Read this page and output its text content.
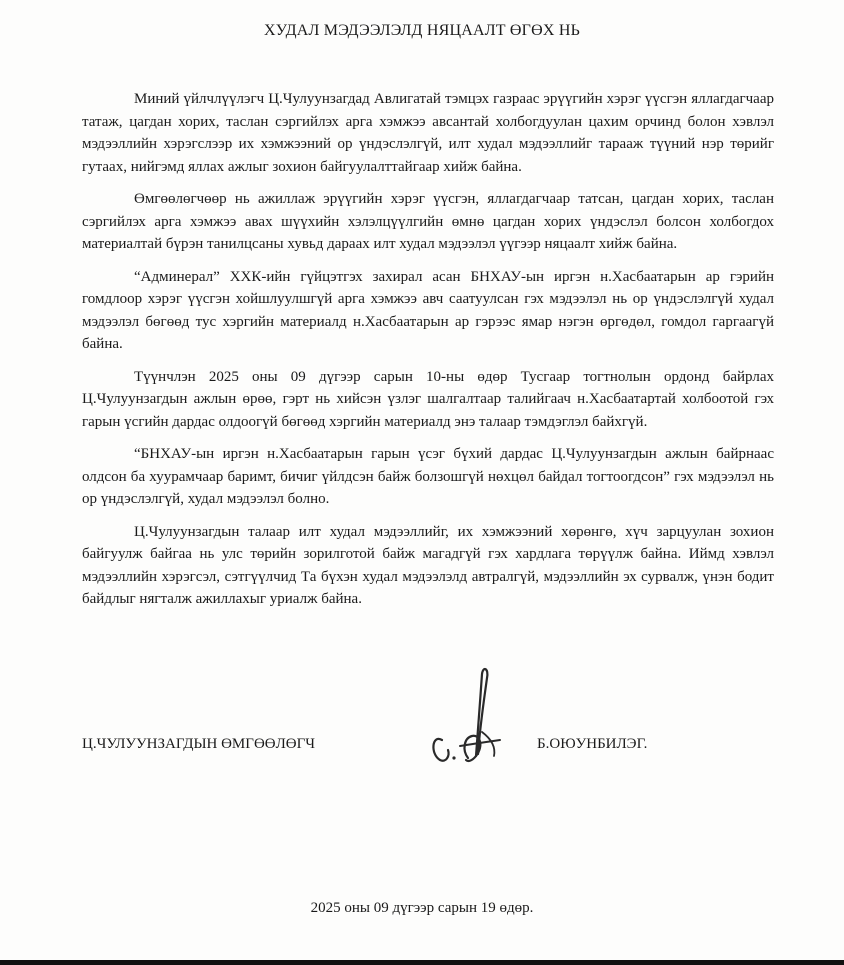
ХУДАЛ МЭДЭЭЛЭЛД НЯЦААЛТ ӨГӨХ НЬ

Миний үйлчлүүлэгч Ц.Чулуунзагдад Авлигатай тэмцэх газраас эрүүгийн хэрэг үүсгэн яллагдагчаар татаж, цагдан хорих, таслан сэргийлэх арга хэмжээ авсантай холбогдуулан цахим орчинд болон хэвлэл мэдээллийн хэрэгслээр их хэмжээний ор үндэслэлгүй, илт худал мэдээллийг тарааж түүний нэр төрийг гутаах, нийгэмд яллах ажлыг зохион байгуулалттайгаар хийж байна.

Өмгөөлөгчөөр нь ажиллаж эрүүгийн хэрэг үүсгэн, яллагдагчаар татсан, цагдан хорих, таслан сэргийлэх арга хэмжээ авах шүүхийн хэлэлцүүлгийн өмнө цагдан хорих үндэслэл болсон холбогдох материалтай бүрэн танилцсаны хувьд дараах илт худал мэдээлэл үүгээр няцаалт хийж байна.

“Админерал” ХХК-ийн гүйцэтгэх захирал асан БНХАУ-ын иргэн н.Хасбаатарын ар гэрийн гомдлоор хэрэг үүсгэн хойшлуулшгүй арга хэмжээ авч саатуулсан гэх мэдээлэл нь ор үндэслэлгүй худал мэдээлэл бөгөөд тус хэргийн материалд н.Хасбаатарын ар гэрээс ямар нэгэн өргөдөл, гомдол гаргаагүй байна.

Түүнчлэн 2025 оны 09 дүгээр сарын 10-ны өдөр Тусгаар тогтнолын ордонд байрлах Ц.Чулуунзагдын ажлын өрөө, гэрт нь хийсэн үзлэг шалгалтаар талийгаач н.Хасбаатартай холбоотой гэх гарын үсгийн дардас олдоогүй бөгөөд хэргийн материалд энэ талаар тэмдэглэл байхгүй.

“БНХАУ-ын иргэн н.Хасбаатарын гарын үсэг бүхий дардас Ц.Чулуунзагдын ажлын байрнаас олдсон ба хуурамчаар баримт, бичиг үйлдсэн байж болзошгүй нөхцөл байдал тогтоогдсон” гэх мэдээлэл нь ор үндэслэлгүй, худал мэдээлэл болно.

Ц.Чулуунзагдын талаар илт худал мэдээллийг, их хэмжээний хөрөнгө, хүч зарцуулан зохион байгуулж байгаа нь улс төрийн зорилготой байж магадгүй гэх хардлага төрүүлж байна. Иймд хэвлэл мэдээллийн хэрэгсэл, сэтгүүлчид Та бүхэн худал мэдээлэлд автралгүй, мэдээллийн эх сурвалж, үнэн бодит байдлыг нягталж ажиллахыг уриалж байна.

Ц.ЧУЛУУНЗАГДЫН ӨМГӨӨЛӨГЧ	Б.ОЮУНБИЛЭГ.
2025 оны 09 дүгээр сарын 19 өдөр.
